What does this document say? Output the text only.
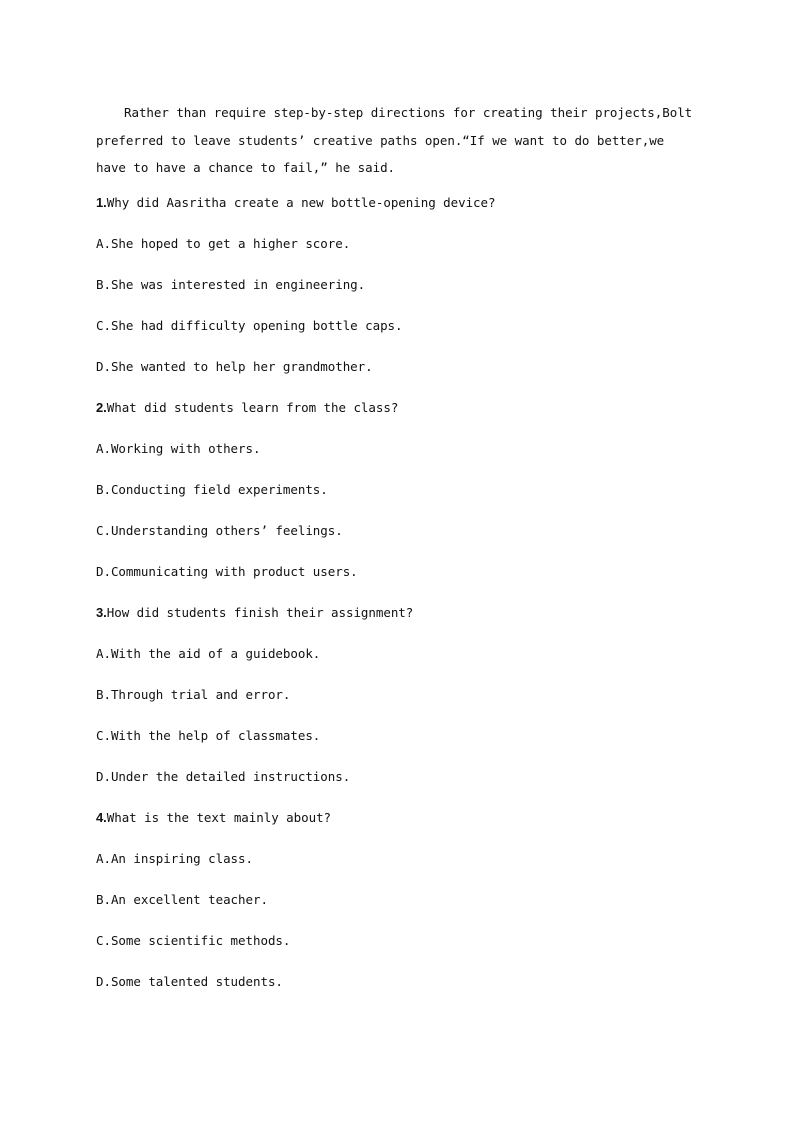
Rather than require step-by-step directions for creating their projects,Bolt preferred to leave students’ creative paths open.“If we want to do better,we have to have a chance to fail,” he said.

1.Why did Aasritha create a new bottle-opening device?
A.She hoped to get a higher score.
B.She was interested in engineering.
C.She had difficulty opening bottle caps.
D.She wanted to help her grandmother.
2.What did students learn from the class?
A.Working with others.
B.Conducting field experiments.
C.Understanding others’ feelings.
D.Communicating with product users.
3.How did students finish their assignment?
A.With the aid of a guidebook.
B.Through trial and error.
C.With the help of classmates.
D.Under the detailed instructions.
4.What is the text mainly about?
A.An inspiring class.
B.An excellent teacher.
C.Some scientific methods.
D.Some talented students.
